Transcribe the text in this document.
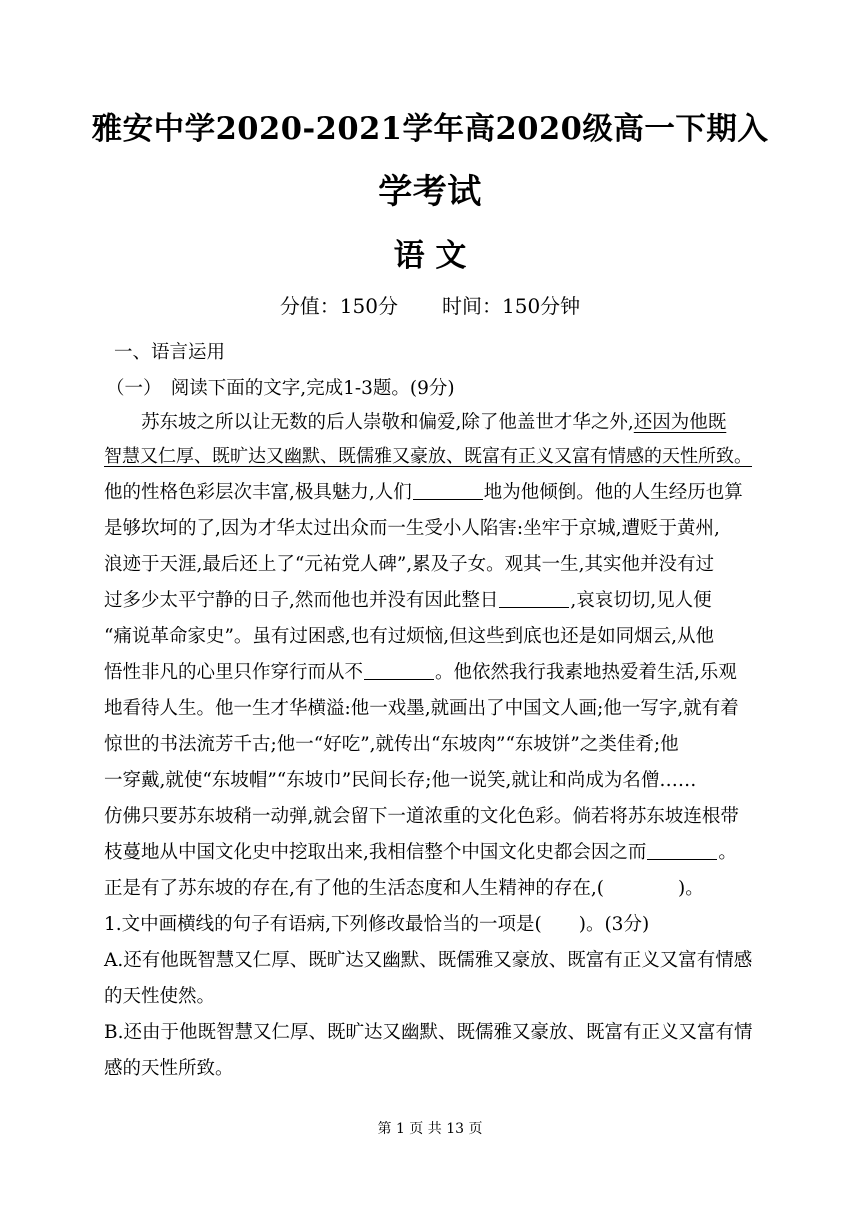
雅安中学2020-2021学年高2020级高一下期入
学考试
语 文
分值：150分 时间：150分钟
一、语言运用
（一）　阅读下面的文字,完成1-3题。(9分)
苏东坡之所以让无数的后人崇敬和偏爱,除了他盖世才华之外,还因为他既
智慧又仁厚、既旷达又幽默、既儒雅又豪放、既富有正义又富有情感的天性所致。
他的性格色彩层次丰富,极具魅力,人们	地为他倾倒。他的人生经历也算
是够坎坷的了,因为才华太过出众而一生受小人陷害:坐牢于京城,遭贬于黄州,
浪迹于天涯,最后还上了“元祐党人碑”,累及子女。观其一生,其实他并没有过
过多少太平宁静的日子,然而他也并没有因此整日	,哀哀切切,见人便
“痛说革命家史”。虽有过困惑,也有过烦恼,但这些到底也还是如同烟云,从他
悟性非凡的心里只作穿行而从不	。他依然我行我素地热爱着生活,乐观
地看待人生。他一生才华横溢:他一戏墨,就画出了中国文人画;他一写字,就有着
惊世的书法流芳千古;他一“好吃”,就传出“东坡肉”“东坡饼”之类佳肴;他
一穿戴,就使“东坡帽”“东坡巾”民间长存;他一说笑,就让和尚成为名僧……
仿佛只要苏东坡稍一动弹,就会留下一道浓重的文化色彩。倘若将苏东坡连根带
枝蔓地从中国文化史中挖取出来,我相信整个中国文化史都会因之而	。
正是有了苏东坡的存在,有了他的生活态度和人生精神的存在,(　　　　)。
1.文中画横线的句子有语病,下列修改最恰当的一项是(　　)。(3分)
A.还有他既智慧又仁厚、既旷达又幽默、既儒雅又豪放、既富有正义又富有情感
的天性使然。
B.还由于他既智慧又仁厚、既旷达又幽默、既儒雅又豪放、既富有正义又富有情
感的天性所致。
第 1 页 共 13 页
